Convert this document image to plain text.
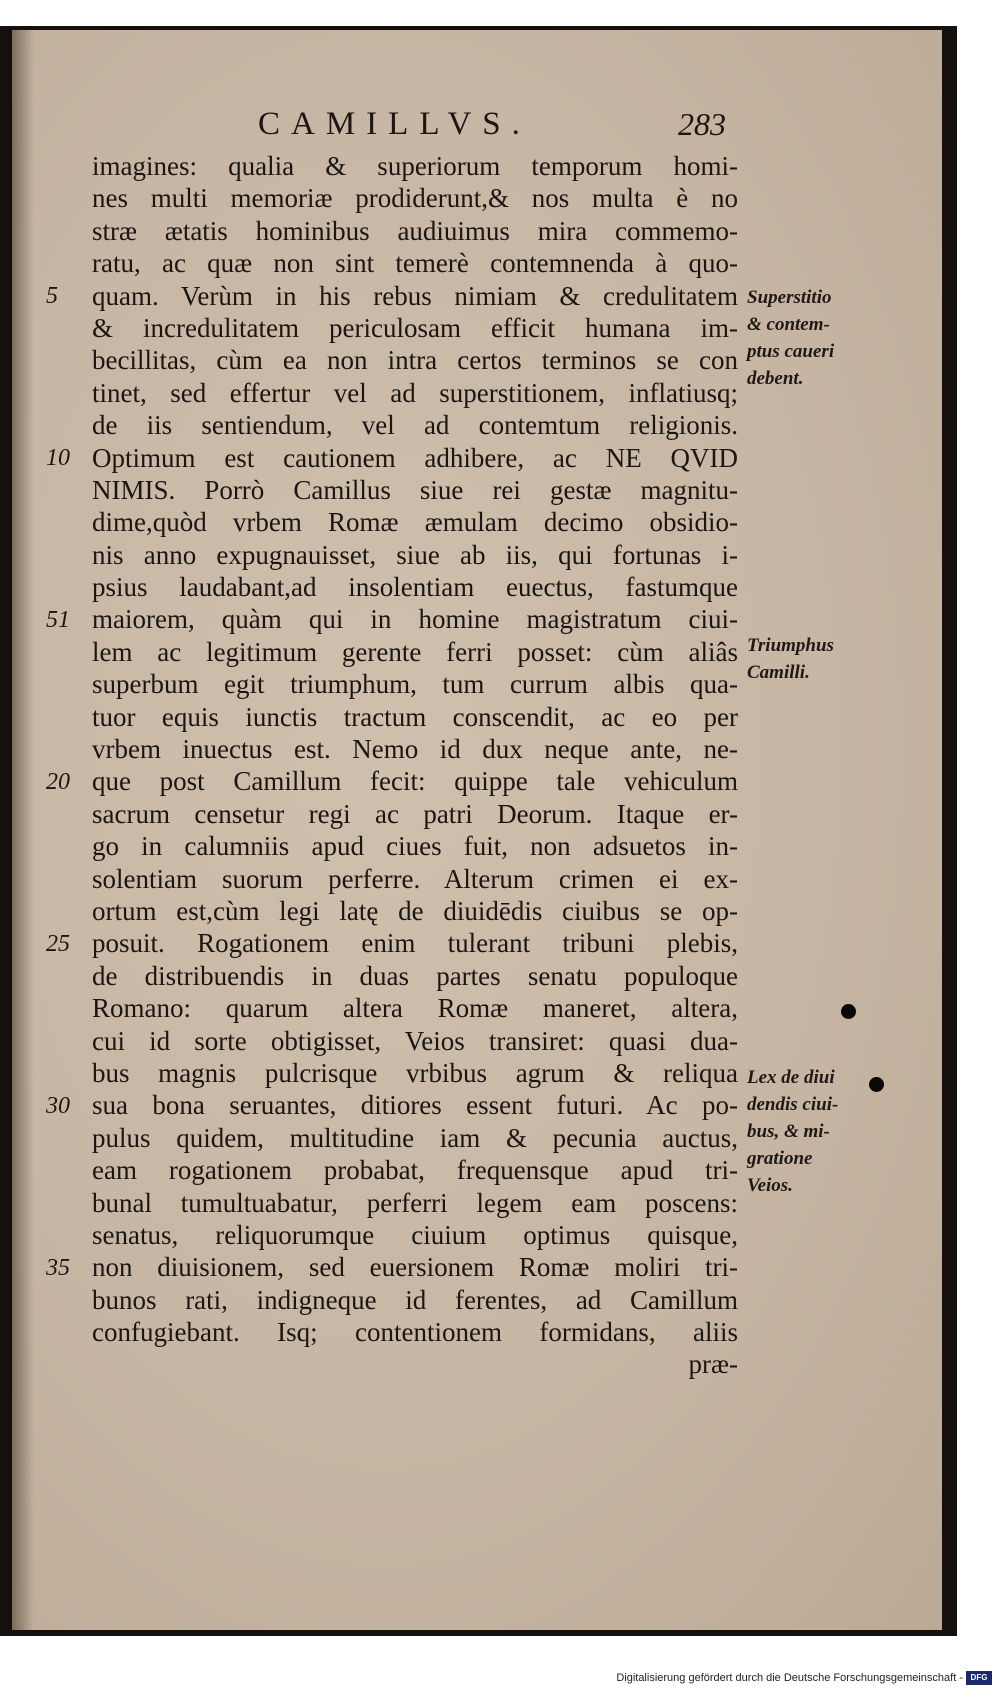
CAMILLVS.	283
5
10
51
20
25
30
35
imagines: qualia & superiorum temporum homi-
nes multi memoriæ prodiderunt,& nos multa è no
stræ ætatis hominibus audiuimus mira commemo-
ratu, ac quæ non sint temerè contemnenda à quo-
quam. Verùm in his rebus nimiam & credulitatem
& incredulitatem periculosam efficit humana im-
becillitas, cùm ea non intra certos terminos se con
tinet, sed effertur vel ad superstitionem, inflatiusq;
de iis sentiendum, vel ad contemtum religionis.
Optimum est cautionem adhibere, ac NE QVID
NIMIS. Porrò Camillus siue rei gestæ magnitu-
dime,quòd vrbem Romæ æmulam decimo obsidio-
nis anno expugnauisset, siue ab iis, qui fortunas i-
psius laudabant,ad insolentiam euectus, fastumque
maiorem, quàm qui in homine magistratum ciui-
lem ac legitimum gerente ferri posset: cùm aliâs
superbum egit triumphum, tum currum albis qua-
tuor equis iunctis tractum conscendit, ac eo per
vrbem inuectus est. Nemo id dux neque ante, ne-
que post Camillum fecit: quippe tale vehiculum
sacrum censetur regi ac patri Deorum. Itaque er-
go in calumniis apud ciues fuit, non adsuetos in-
solentiam suorum perferre. Alterum crimen ei ex-
ortum est,cùm legi latę de diuidēdis ciuibus se op-
posuit. Rogationem enim tulerant tribuni plebis,
de distribuendis in duas partes senatu populoque
Romano: quarum altera Romæ maneret, altera,
cui id sorte obtigisset, Veios transiret: quasi dua-
bus magnis pulcrisque vrbibus agrum & reliqua
sua bona seruantes, ditiores essent futuri. Ac po-
pulus quidem, multitudine iam & pecunia auctus,
eam rogationem probabat, frequensque apud tri-
bunal tumultuabatur, perferri legem eam poscens:
senatus, reliquorumque ciuium optimus quisque,
non diuisionem, sed euersionem Romæ moliri tri-
bunos rati, indigneque id ferentes, ad Camillum
confugiebant. Isq; contentionem formidans, aliis
præ-
Superstitio
& contem-
ptus caueri
debent.
Triumphus
Camilli.
Lex de diui
dendis ciui-
bus, & mi-
gratione
Veios.
Digitalisierung gefördert durch die Deutsche Forschungsgemeinschaft - DFG
